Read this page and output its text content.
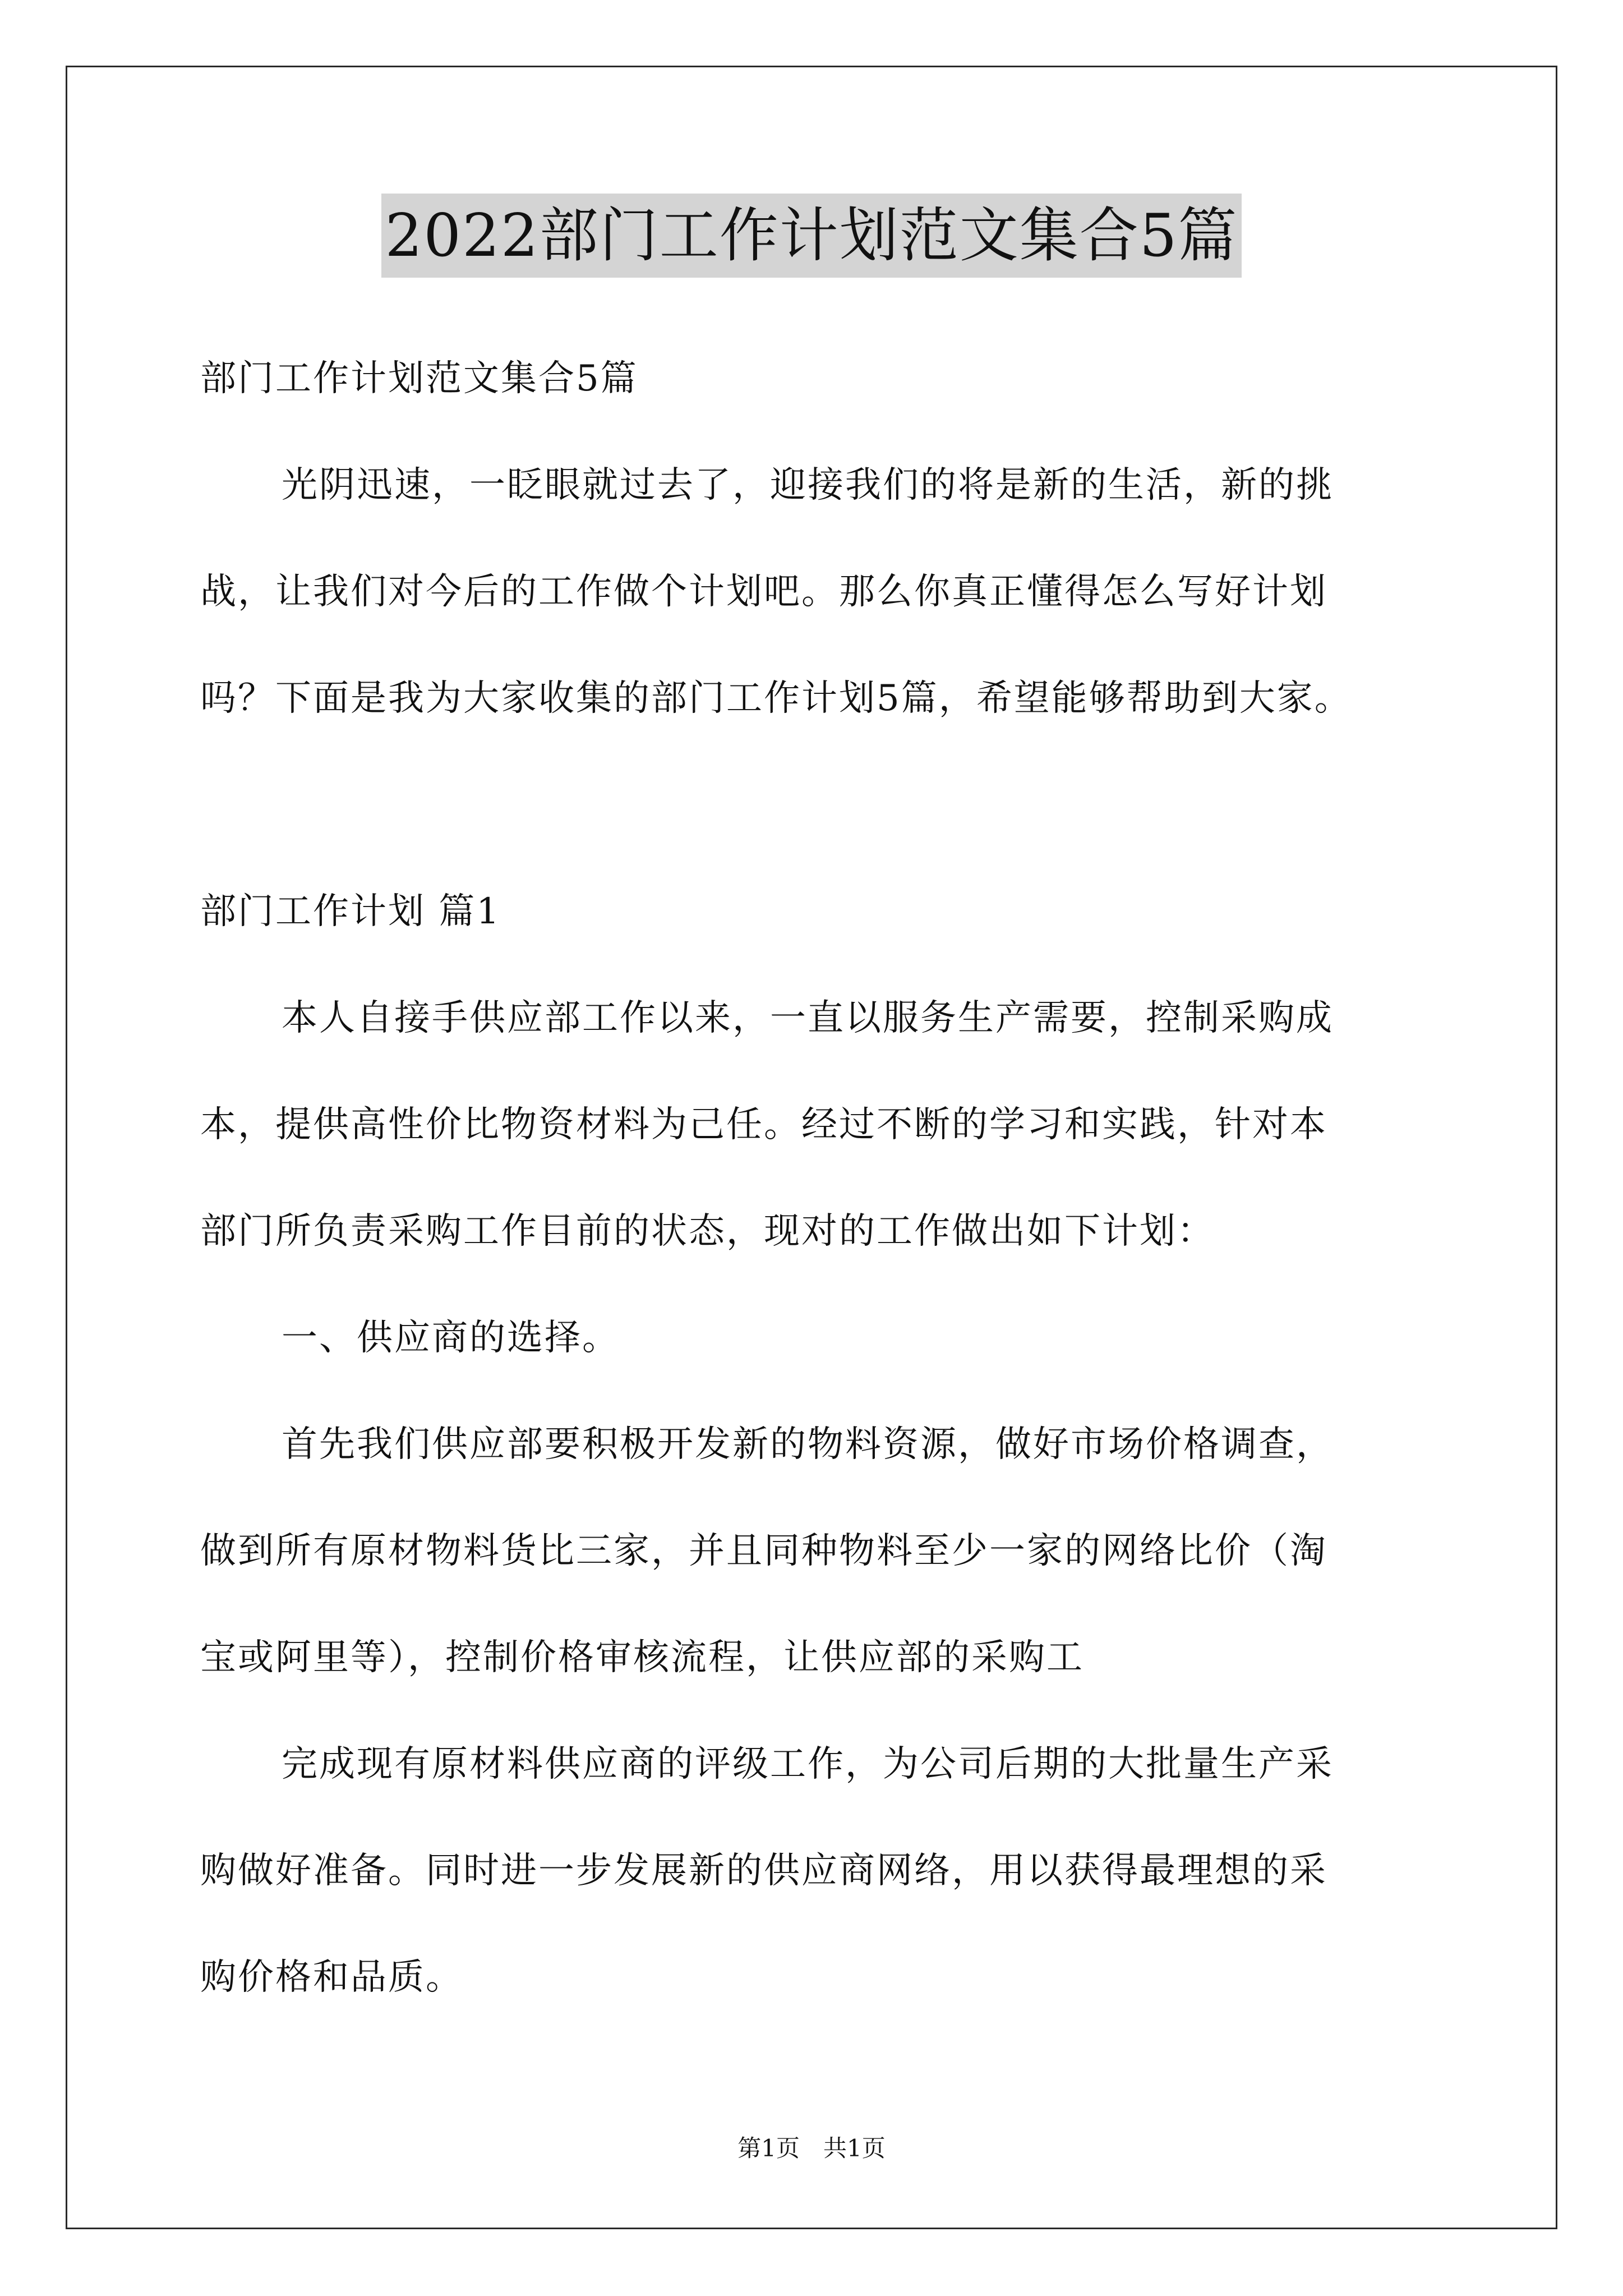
2022部门工作计划范文集合5篇
部门工作计划范文集合5篇
光阴迅速，一眨眼就过去了，迎接我们的将是新的生活，新的挑
战，让我们对今后的工作做个计划吧。那么你真正懂得怎么写好计划
吗？下面是我为大家收集的部门工作计划5篇，希望能够帮助到大家。
部门工作计划 篇1
本人自接手供应部工作以来，一直以服务生产需要，控制采购成
本，提供高性价比物资材料为己任。经过不断的学习和实践，针对本
部门所负责采购工作目前的状态，现对的工作做出如下计划：
一、供应商的选择。
首先我们供应部要积极开发新的物料资源，做好市场价格调查，
做到所有原材物料货比三家，并且同种物料至少一家的网络比价（淘
宝或阿里等），控制价格审核流程，让供应部的采购工
完成现有原材料供应商的评级工作，为公司后期的大批量生产采
购做好准备。同时进一步发展新的供应商网络，用以获得最理想的采
购价格和品质。
第1页　共1页
